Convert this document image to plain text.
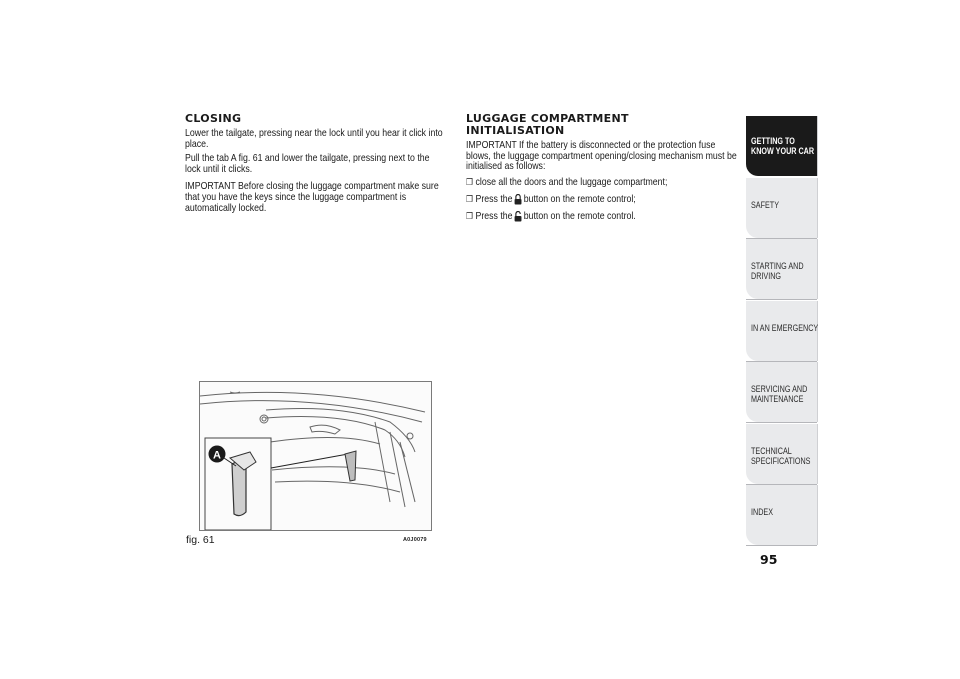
CLOSING

Lower the tailgate, pressing near the lock until you hear it click into place.

Pull the tab A fig. 61 and lower the tailgate, pressing next to the lock until it clicks.

IMPORTANT Before closing the luggage compartment make sure that you have the keys since the luggage compartment is automatically locked.

LUGGAGE COMPARTMENT
INITIALISATION

IMPORTANT If the battery is disconnected or the protection fuse blows, the luggage compartment opening/closing mechanism must be initialised as follows:

❒ close all the doors and the luggage compartment;
❒ Press the button on the remote control;
❒ Press the button on the remote control.
A
fig. 61	A0J0079
GETTING TO
KNOW YOUR CAR
SAFETY
STARTING AND
DRIVING
IN AN EMERGENCY
SERVICING AND
MAINTENANCE
TECHNICAL
SPECIFICATIONS
INDEX
95
